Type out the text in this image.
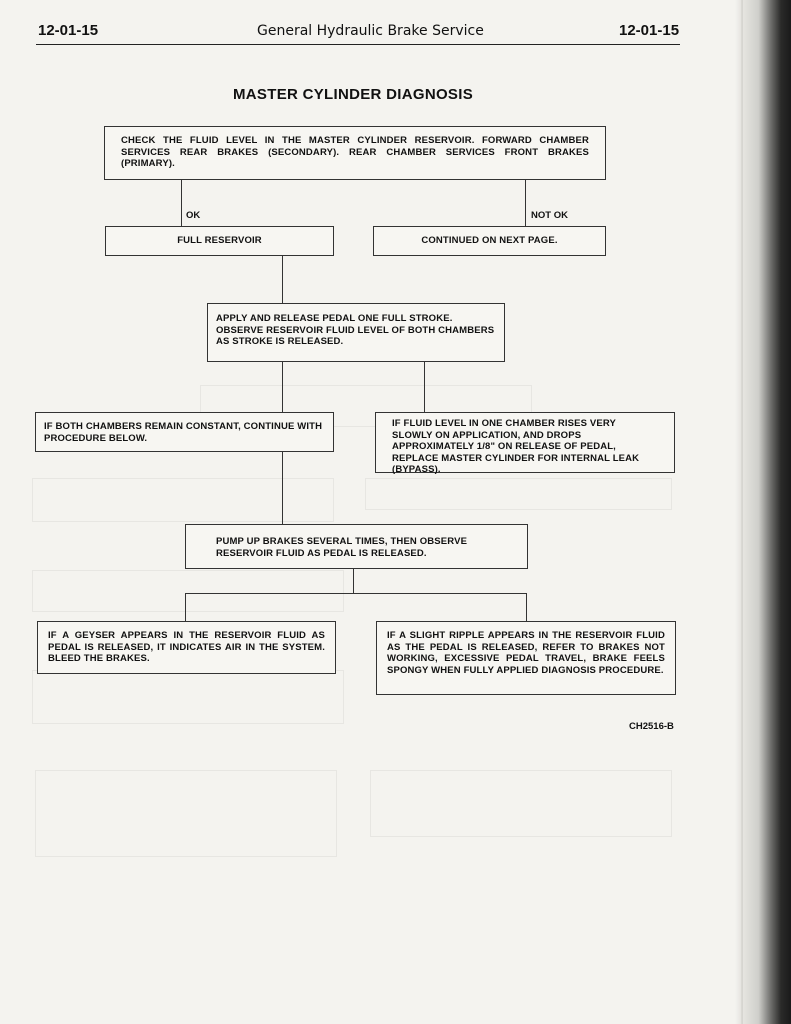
12-01-15	General Hydraulic Brake Service	12-01-15
MASTER CYLINDER DIAGNOSIS
OK	NOT OK
CHECK THE FLUID LEVEL IN THE MASTER CYLINDER RESERVOIR. FORWARD CHAMBER SERVICES REAR BRAKES (SECONDARY). REAR CHAMBER SERVICES FRONT BRAKES (PRIMARY).
FULL RESERVOIR	CONTINUED ON NEXT PAGE.
APPLY AND RELEASE PEDAL ONE FULL STROKE. OBSERVE RESERVOIR FLUID LEVEL OF BOTH CHAMBERS AS STROKE IS RELEASED.
IF BOTH CHAMBERS REMAIN CONSTANT, CONTINUE WITH PROCEDURE BELOW.
IF FLUID LEVEL IN ONE CHAMBER RISES VERY SLOWLY ON APPLICATION, AND DROPS APPROXIMATELY 1/8" ON RELEASE OF PEDAL, REPLACE MASTER CYLINDER FOR INTERNAL LEAK (BYPASS).
PUMP UP BRAKES SEVERAL TIMES, THEN OBSERVE RESERVOIR FLUID AS PEDAL IS RELEASED.
IF A GEYSER APPEARS IN THE RESERVOIR FLUID AS PEDAL IS RELEASED, IT INDICATES AIR IN THE SYSTEM. BLEED THE BRAKES.
IF A SLIGHT RIPPLE APPEARS IN THE RESERVOIR FLUID AS THE PEDAL IS RELEASED, REFER TO BRAKES NOT WORKING, EXCESSIVE PEDAL TRAVEL, BRAKE FEELS SPONGY WHEN FULLY APPLIED DIAGNOSIS PROCEDURE.
CH2516-B
